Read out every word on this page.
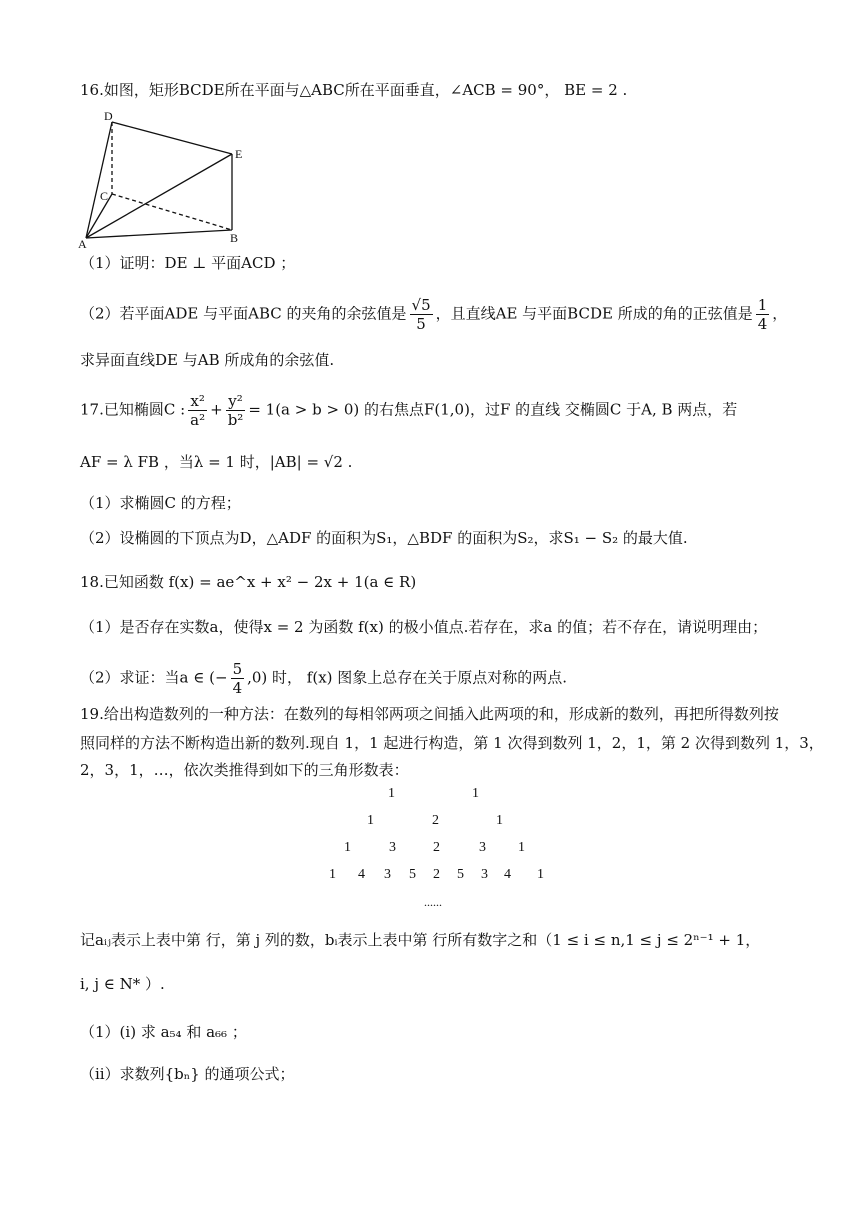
16.如图，矩形BCDE所在平面与△ABC所在平面垂直，∠ACB = 90°， BE = 2 .
D
E
C
A	B
（1）证明：DE ⊥ 平面ACD ；
（2）若平面ADE 与平面ABC 的夹角的余弦值是 $\frac{√5}{5}$ ，且直线AE 与平面BCDE 所成的角的正弦值是 $\frac{1}{4}$ ，
求异面直线DE 与AB 所成角的余弦值.
17.已知椭圆C : $\frac{\text{x²}}{\text{a²}} + \frac{\text{y²}}{\text{b²}} = 1(a > b > 0)$ 的右焦点F(1,0)，过F 的直线 交椭圆C 于A, B 两点，若
AF = λ FB ，当λ = 1 时，|AB| = √2 .
（1）求椭圆C 的方程；
（2）设椭圆的下顶点为D，△ADF 的面积为S₁，△BDF 的面积为S₂，求S₁ − S₂ 的最大值.
18.已知函数 f(x) = ae^x + x² − 2x + 1(a ∈ R)
（1）是否存在实数a，使得x = 2 为函数 f(x) 的极小值点.若存在，求a 的值；若不存在，请说明理由；
（2）求证：当a ∈ (− $\frac{5}{4} ,0$) 时， f(x) 图象上总存在关于原点对称的两点.
19.给出构造数列的一种方法：在数列的每相邻两项之间插入此两项的和，形成新的数列，再把所得数列按
照同样的方法不断构造出新的数列.现自 1，1 起进行构造，第 1 次得到数列 1，2，1，第 2 次得到数列 1，3，
2，3，1，…，依次类推得到如下的三角形数表：
1	1
1	2	1
1	3	2	3 1
1 4 3 5 2 5 3 4 1
......
记aᵢⱼ表示上表中第 行，第 j 列的数，bᵢ表示上表中第 行所有数字之和（1 ≤ i ≤ n,1 ≤ j ≤ 2ⁿ⁻¹ + 1，
i, j ∈ N* ）.
（1）(i) 求 a₅₄ 和 a₆₆ ；
（ii）求数列{bₙ} 的通项公式；
